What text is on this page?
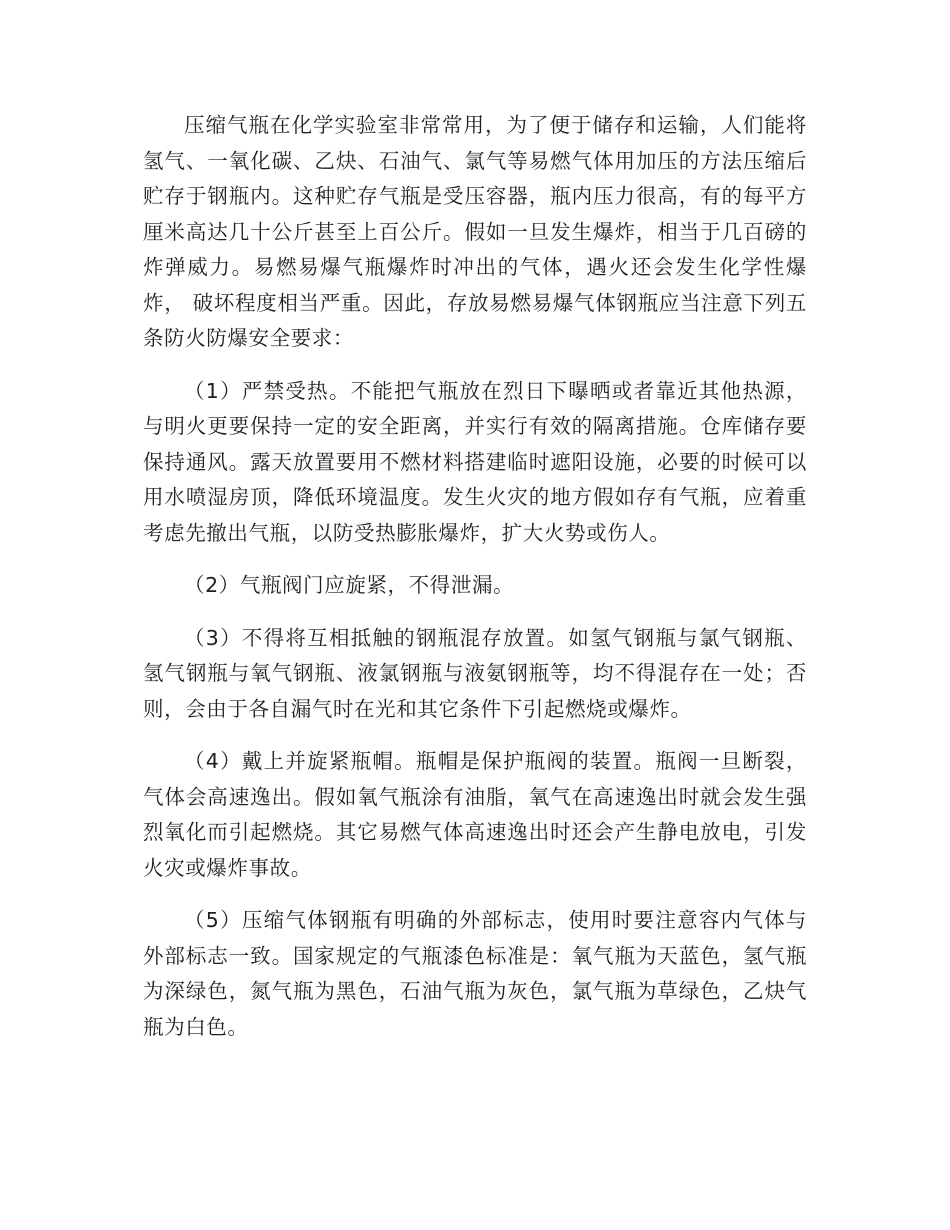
压缩气瓶在化学实验室非常常用，为了便于储存和运输，人们能将氢气、一氧化碳、乙炔、石油气、氯气等易燃气体用加压的方法压缩后贮存于钢瓶内。这种贮存气瓶是受压容器，瓶内压力很高，有的每平方厘米高达几十公斤甚至上百公斤。假如一旦发生爆炸，相当于几百磅的炸弹威力。易燃易爆气瓶爆炸时冲出的气体，遇火还会发生化学性爆炸， 破坏程度相当严重。因此，存放易燃易爆气体钢瓶应当注意下列五条防火防爆安全要求：

（1）严禁受热。不能把气瓶放在烈日下曝晒或者靠近其他热源，与明火更要保持一定的安全距离，并实行有效的隔离措施。仓库储存要保持通风。露天放置要用不燃材料搭建临时遮阳设施，必要的时候可以用水喷湿房顶，降低环境温度。发生火灾的地方假如存有气瓶，应着重考虑先撤出气瓶，以防受热膨胀爆炸，扩大火势或伤人。

（2）气瓶阀门应旋紧，不得泄漏。

（3）不得将互相抵触的钢瓶混存放置。如氢气钢瓶与氯气钢瓶、氢气钢瓶与氧气钢瓶、液氯钢瓶与液氨钢瓶等，均不得混存在一处；否则，会由于各自漏气时在光和其它条件下引起燃烧或爆炸。

（4）戴上并旋紧瓶帽。瓶帽是保护瓶阀的装置。瓶阀一旦断裂，气体会高速逸出。假如氧气瓶涂有油脂，氧气在高速逸出时就会发生强烈氧化而引起燃烧。其它易燃气体高速逸出时还会产生静电放电，引发火灾或爆炸事故。

（5）压缩气体钢瓶有明确的外部标志，使用时要注意容内气体与外部标志一致。国家规定的气瓶漆色标准是：氧气瓶为天蓝色，氢气瓶为深绿色，氮气瓶为黑色，石油气瓶为灰色，氯气瓶为草绿色，乙炔气瓶为白色。
